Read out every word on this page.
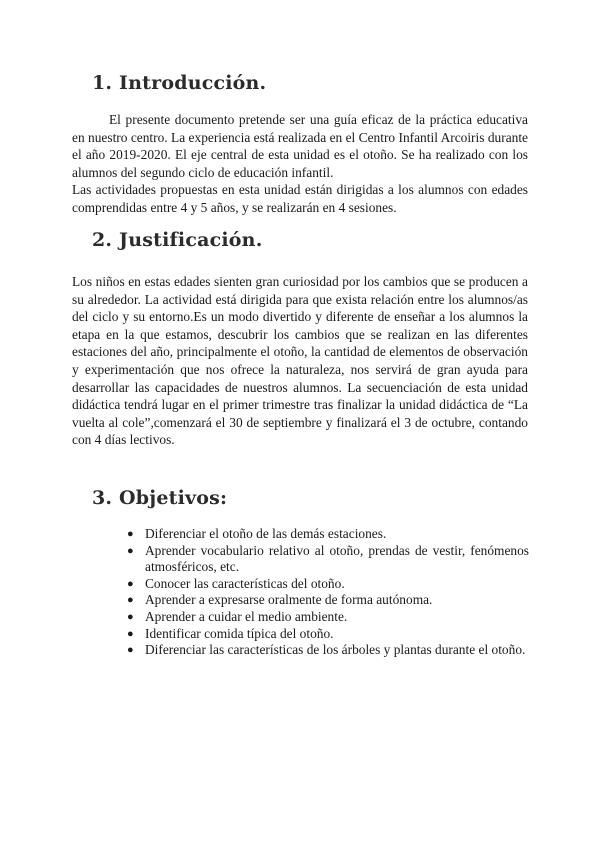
1. Introducción.

El presente documento pretende ser una guía eficaz de la práctica educativa en nuestro centro. La experiencia está realizada en el Centro Infantil Arcoiris durante el año 2019-2020. El eje central de esta unidad es el otoño. Se ha realizado con los alumnos del segundo ciclo de educación infantil.

Las actividades propuestas en esta unidad están dirigidas a los alumnos con edades comprendidas entre 4 y 5 años, y se realizarán en 4 sesiones.

2. Justificación.

Los niños en estas edades sienten gran curiosidad por los cambios que se producen a su alrededor. La actividad está dirigida para que exista relación entre los alumnos/as del ciclo y su entorno.Es un modo divertido y diferente de enseñar a los alumnos la etapa en la que estamos, descubrir los cambios que se realizan en las diferentes estaciones del año, principalmente el otoño, la cantidad de elementos de observación y experimentación que nos ofrece la naturaleza, nos servirá de gran ayuda para desarrollar las capacidades de nuestros alumnos. La secuenciación de esta unidad didáctica tendrá lugar en el primer trimestre tras finalizar la unidad didáctica de “La vuelta al cole”,comenzará el 30 de septiembre y finalizará el 3 de octubre, contando con 4 días lectivos.

3. Objetivos:
● Diferenciar el otoño de las demás estaciones.
● Aprender vocabulario relativo al otoño, prendas de vestir, fenómenos atmosféricos, etc.
● Conocer las características del otoño.
● Aprender a expresarse oralmente de forma autónoma.
● Aprender a cuidar el medio ambiente.
● Identificar comida típica del otoño.
● Diferenciar las características de los árboles y plantas durante el otoño.
